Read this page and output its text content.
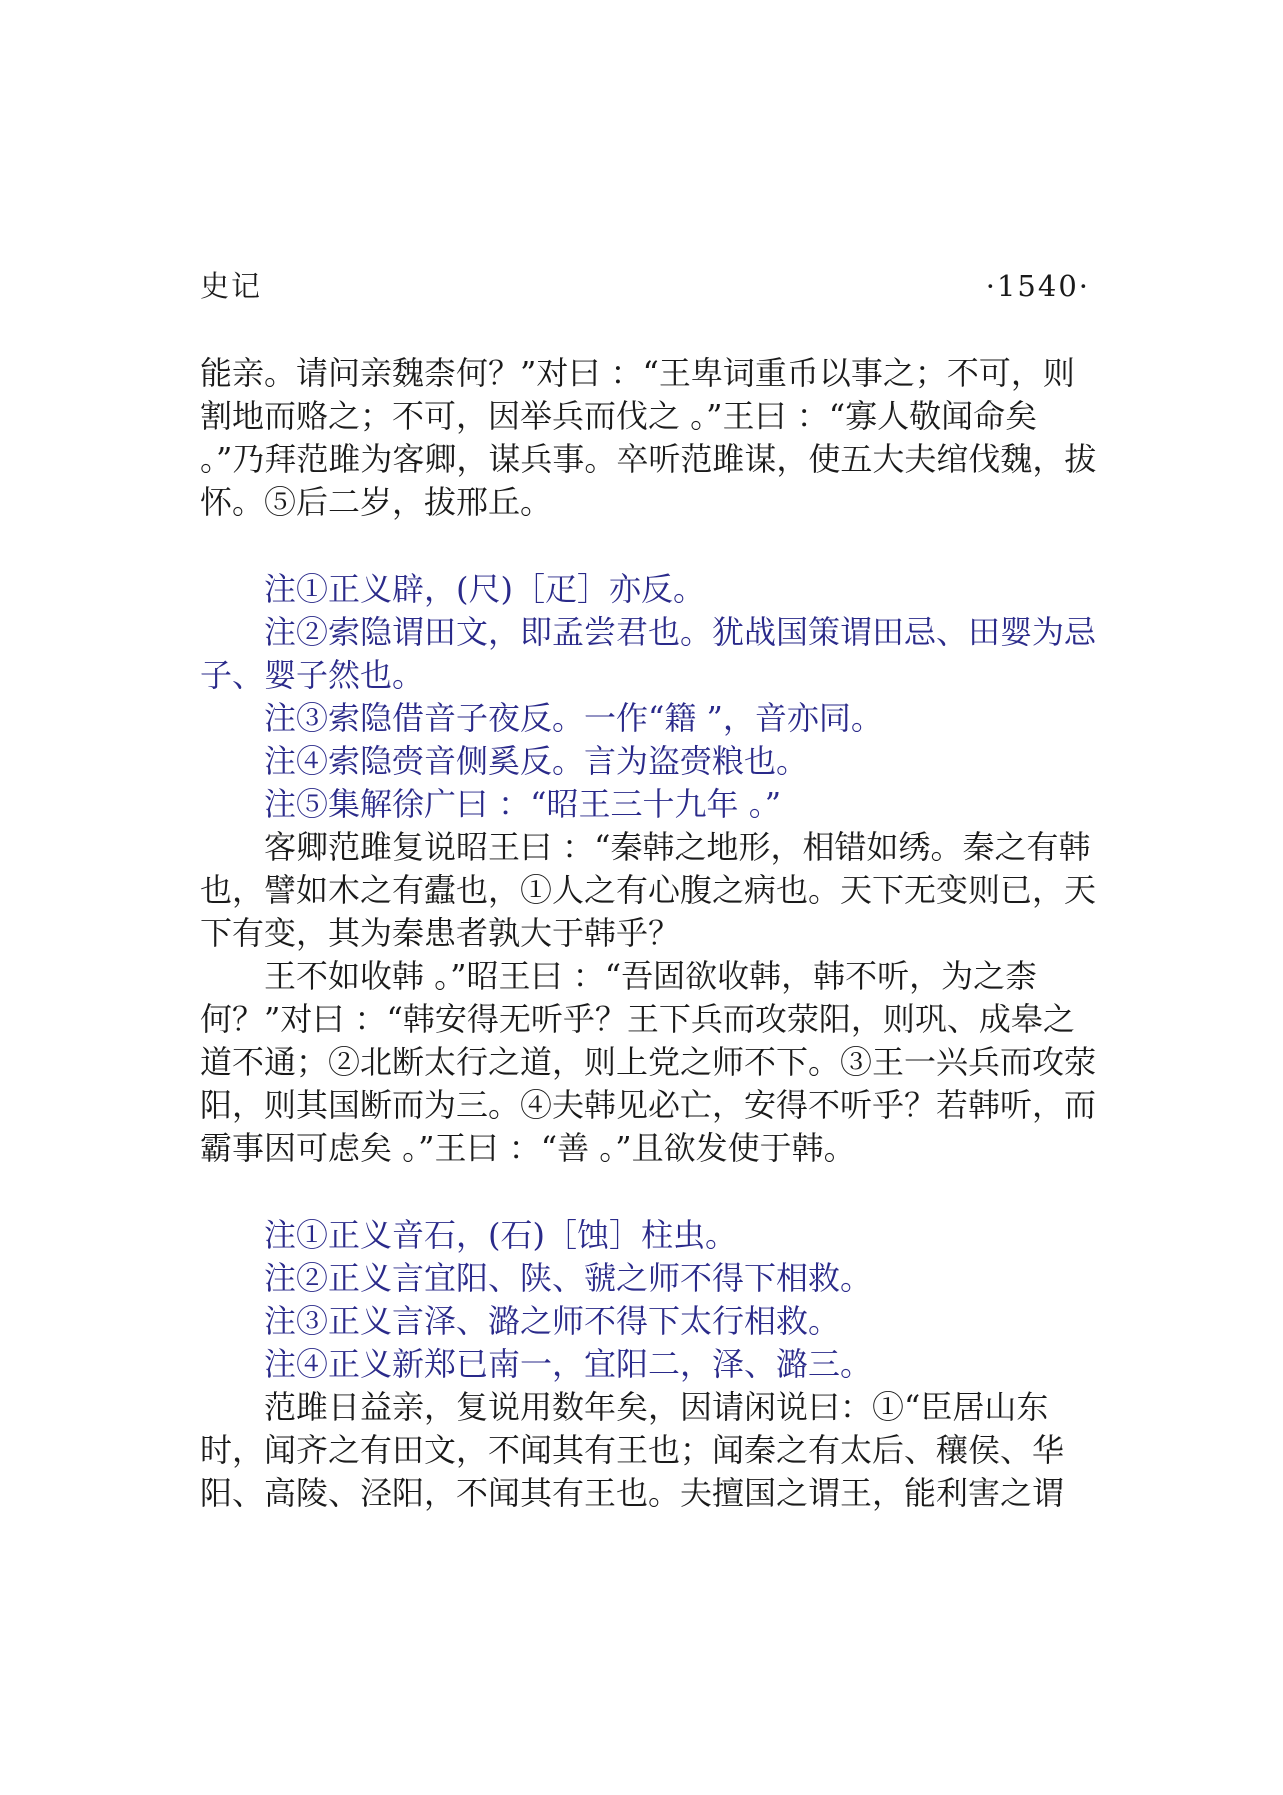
史记	·1540·

能亲。请问亲魏柰何？”对曰 ：“王卑词重币以事之；不可，则割地而赂之；不可，因举兵而伐之 。”王曰 ：“寡人敬闻命矣 。”乃拜范雎为客卿，谋兵事。卒听范雎谋，使五大夫绾伐魏，拔怀。⑤后二岁，拔邢丘。

注①正义辟，(尺)［疋］亦反。

注②索隐谓田文，即孟尝君也。犹战国策谓田忌、田婴为忌子、婴子然也。

注③索隐借音子夜反。一作“籍 ”，音亦同。

注④索隐赍音侧奚反。言为盗赍粮也。

注⑤集解徐广曰 ：“昭王三十九年 。”

客卿范雎复说昭王曰 ：“秦韩之地形，相错如绣。秦之有韩也，譬如木之有蠹也，①人之有心腹之病也。天下无变则已，天下有变，其为秦患者孰大于韩乎？

王不如收韩 。”昭王曰 ：“吾固欲收韩，韩不听，为之柰何？”对曰 ：“韩安得无听乎？王下兵而攻荥阳，则巩、成皋之道不通；②北断太行之道，则上党之师不下。③王一兴兵而攻荥阳，则其国断而为三。④夫韩见必亡，安得不听乎？若韩听，而霸事因可虑矣 。”王曰 ：“善 。”且欲发使于韩。

注①正义音石，(石)［蚀］柱虫。

注②正义言宜阳、陕、虢之师不得下相救。

注③正义言泽、潞之师不得下太行相救。

注④正义新郑已南一，宜阳二，泽、潞三。

范雎日益亲，复说用数年矣，因请闲说曰：①“臣居山东时，闻齐之有田文，不闻其有王也；闻秦之有太后、穰侯、华阳、高陵、泾阳，不闻其有王也。夫擅国之谓王，能利害之谓
